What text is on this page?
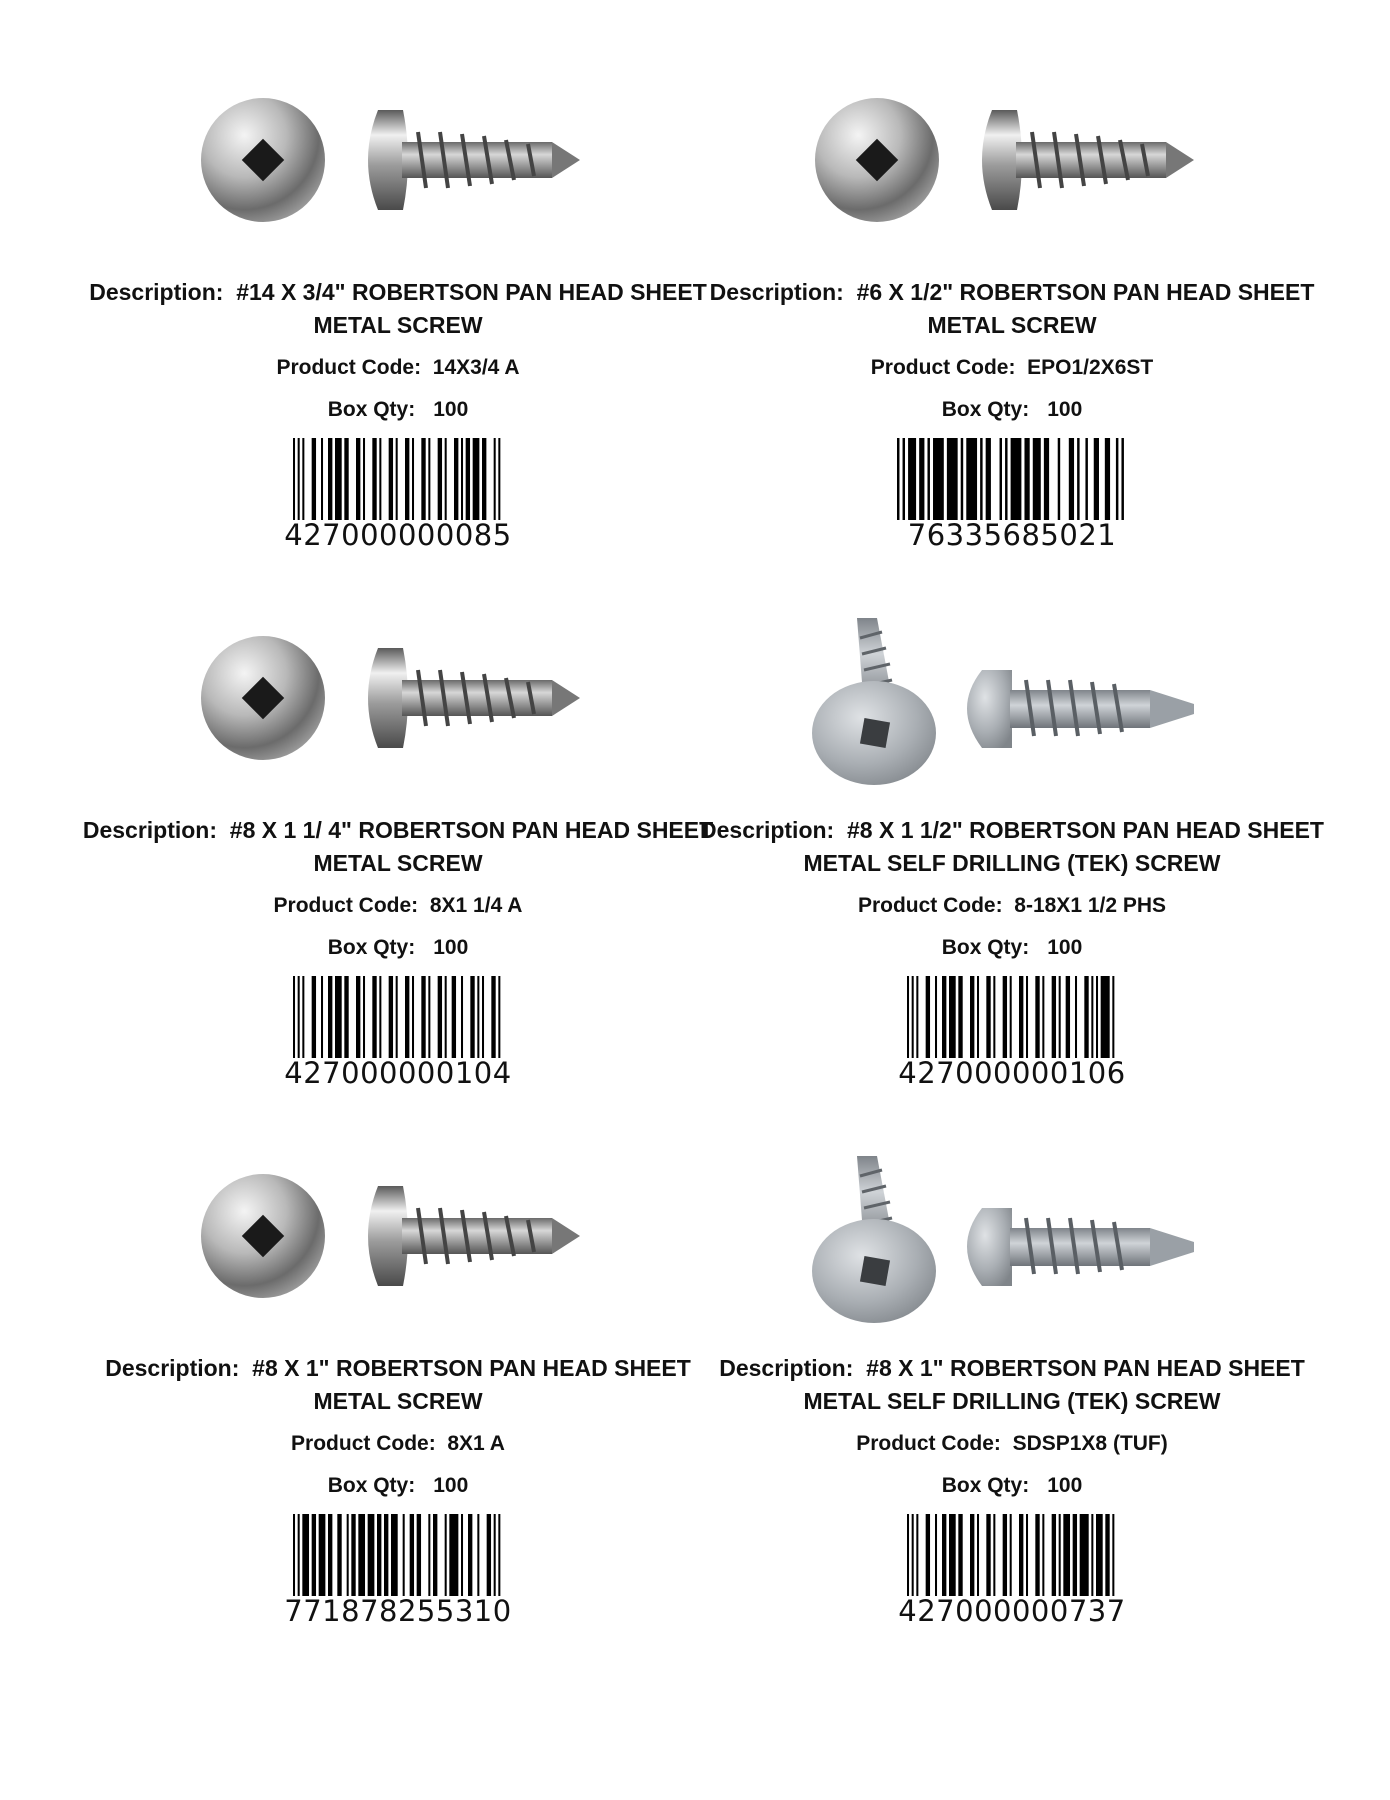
Description: #14 X 3/4" ROBERTSON PAN HEAD SHEET METAL SCREW
Product Code: 14X3/4 A
Box Qty: 100
427000000085
Description: #6 X 1/2" ROBERTSON PAN HEAD SHEET METAL SCREW
Product Code: EPO1/2X6ST
Box Qty: 100
76335685021
Description: #8 X 1 1/ 4" ROBERTSON PAN HEAD SHEET METAL SCREW
Product Code: 8X1 1/4 A
Box Qty: 100
427000000104
Description: #8 X 1 1/2" ROBERTSON PAN HEAD SHEET METAL SELF DRILLING (TEK) SCREW
Product Code: 8-18X1 1/2 PHS
Box Qty: 100
427000000106
Description: #8 X 1" ROBERTSON PAN HEAD SHEET METAL SCREW
Product Code: 8X1 A
Box Qty: 100
771878255310
Description: #8 X 1" ROBERTSON PAN HEAD SHEET METAL SELF DRILLING (TEK) SCREW
Product Code: SDSP1X8 (TUF)
Box Qty: 100
427000000737
